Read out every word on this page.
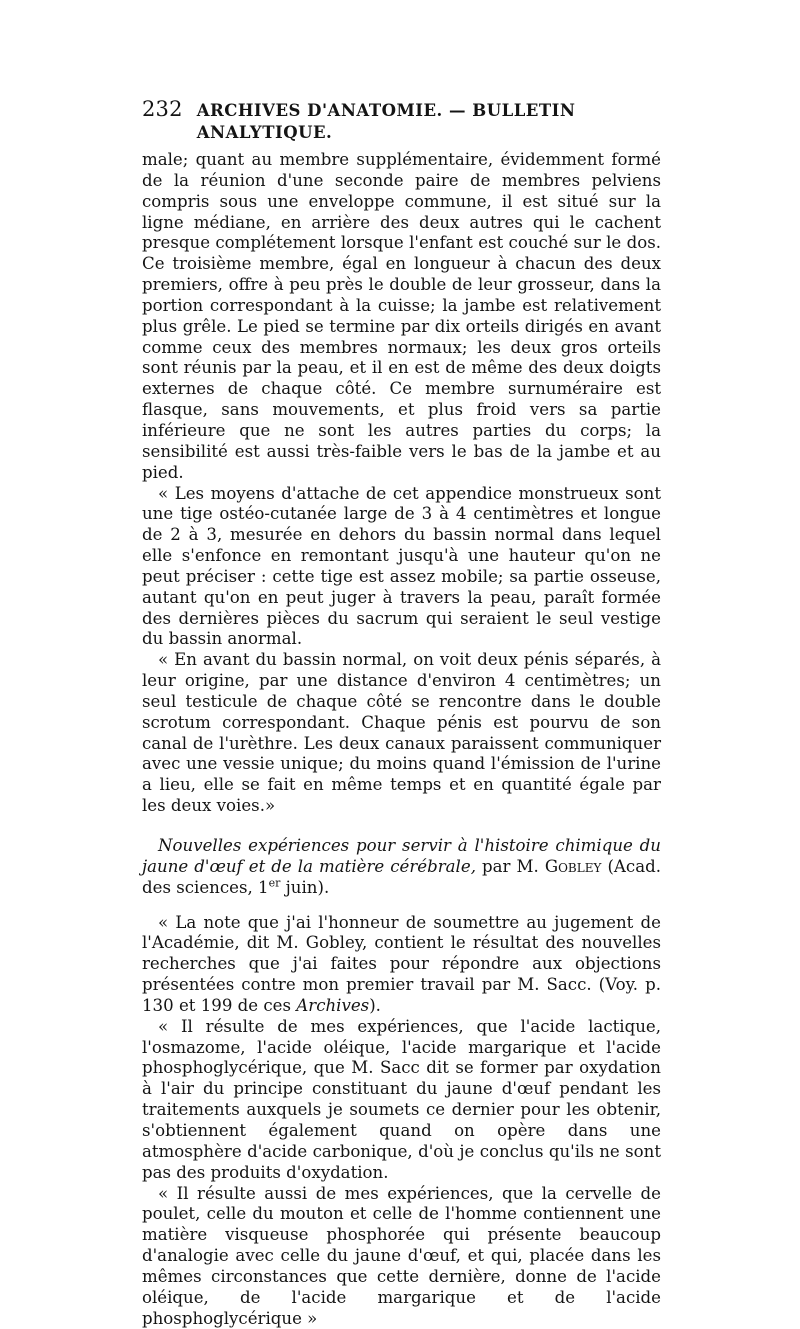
232 ARCHIVES D'ANATOMIE. — BULLETIN ANALYTIQUE.

male; quant au membre supplémentaire, évidemment formé de la réunion d'une seconde paire de membres pelviens compris sous une enveloppe commune, il est situé sur la ligne médiane, en arrière des deux autres qui le cachent presque complétement lorsque l'enfant est couché sur le dos. Ce troisième membre, égal en longueur à chacun des deux premiers, offre à peu près le double de leur grosseur, dans la portion correspondant à la cuisse; la jambe est relativement plus grêle. Le pied se termine par dix orteils dirigés en avant comme ceux des membres normaux; les deux gros orteils sont réunis par la peau, et il en est de même des deux doigts externes de chaque côté. Ce membre surnuméraire est flasque, sans mouvements, et plus froid vers sa partie inférieure que ne sont les autres parties du corps; la sensibilité est aussi très-faible vers le bas de la jambe et au pied.

« Les moyens d'attache de cet appendice monstrueux sont une tige ostéo-cutanée large de 3 à 4 centimètres et longue de 2 à 3, mesurée en dehors du bassin normal dans lequel elle s'enfonce en remontant jusqu'à une hauteur qu'on ne peut préciser : cette tige est assez mobile; sa partie osseuse, autant qu'on en peut juger à travers la peau, paraît formée des dernières pièces du sacrum qui seraient le seul vestige du bassin anormal.

« En avant du bassin normal, on voit deux pénis séparés, à leur origine, par une distance d'environ 4 centimètres; un seul testicule de chaque côté se rencontre dans le double scrotum correspondant. Chaque pénis est pourvu de son canal de l'urèthre. Les deux canaux paraissent communiquer avec une vessie unique; du moins quand l'émission de l'urine a lieu, elle se fait en même temps et en quantité égale par les deux voies.»

Nouvelles expériences pour servir à l'histoire chimique du jaune d'œuf et de la matière cérébrale, par M. Gobley (Acad. des sciences, 1er juin).

« La note que j'ai l'honneur de soumettre au jugement de l'Académie, dit M. Gobley, contient le résultat des nouvelles recherches que j'ai faites pour répondre aux objections présentées contre mon premier travail par M. Sacc. (Voy. p. 130 et 199 de ces Archives).

« Il résulte de mes expériences, que l'acide lactique, l'osmazome, l'acide oléique, l'acide margarique et l'acide phosphoglycérique, que M. Sacc dit se former par oxydation à l'air du principe constituant du jaune d'œuf pendant les traitements auxquels je soumets ce dernier pour les obtenir, s'obtiennent également quand on opère dans une atmosphère d'acide carbonique, d'où je conclus qu'ils ne sont pas des produits d'oxydation.

« Il résulte aussi de mes expériences, que la cervelle de poulet, celle du mouton et celle de l'homme contiennent une matière visqueuse phosphorée qui présente beaucoup d'analogie avec celle du jaune d'œuf, et qui, placée dans les mêmes circonstances que cette dernière, donne de l'acide oléique, de l'acide margarique et de l'acide phosphoglycérique »
